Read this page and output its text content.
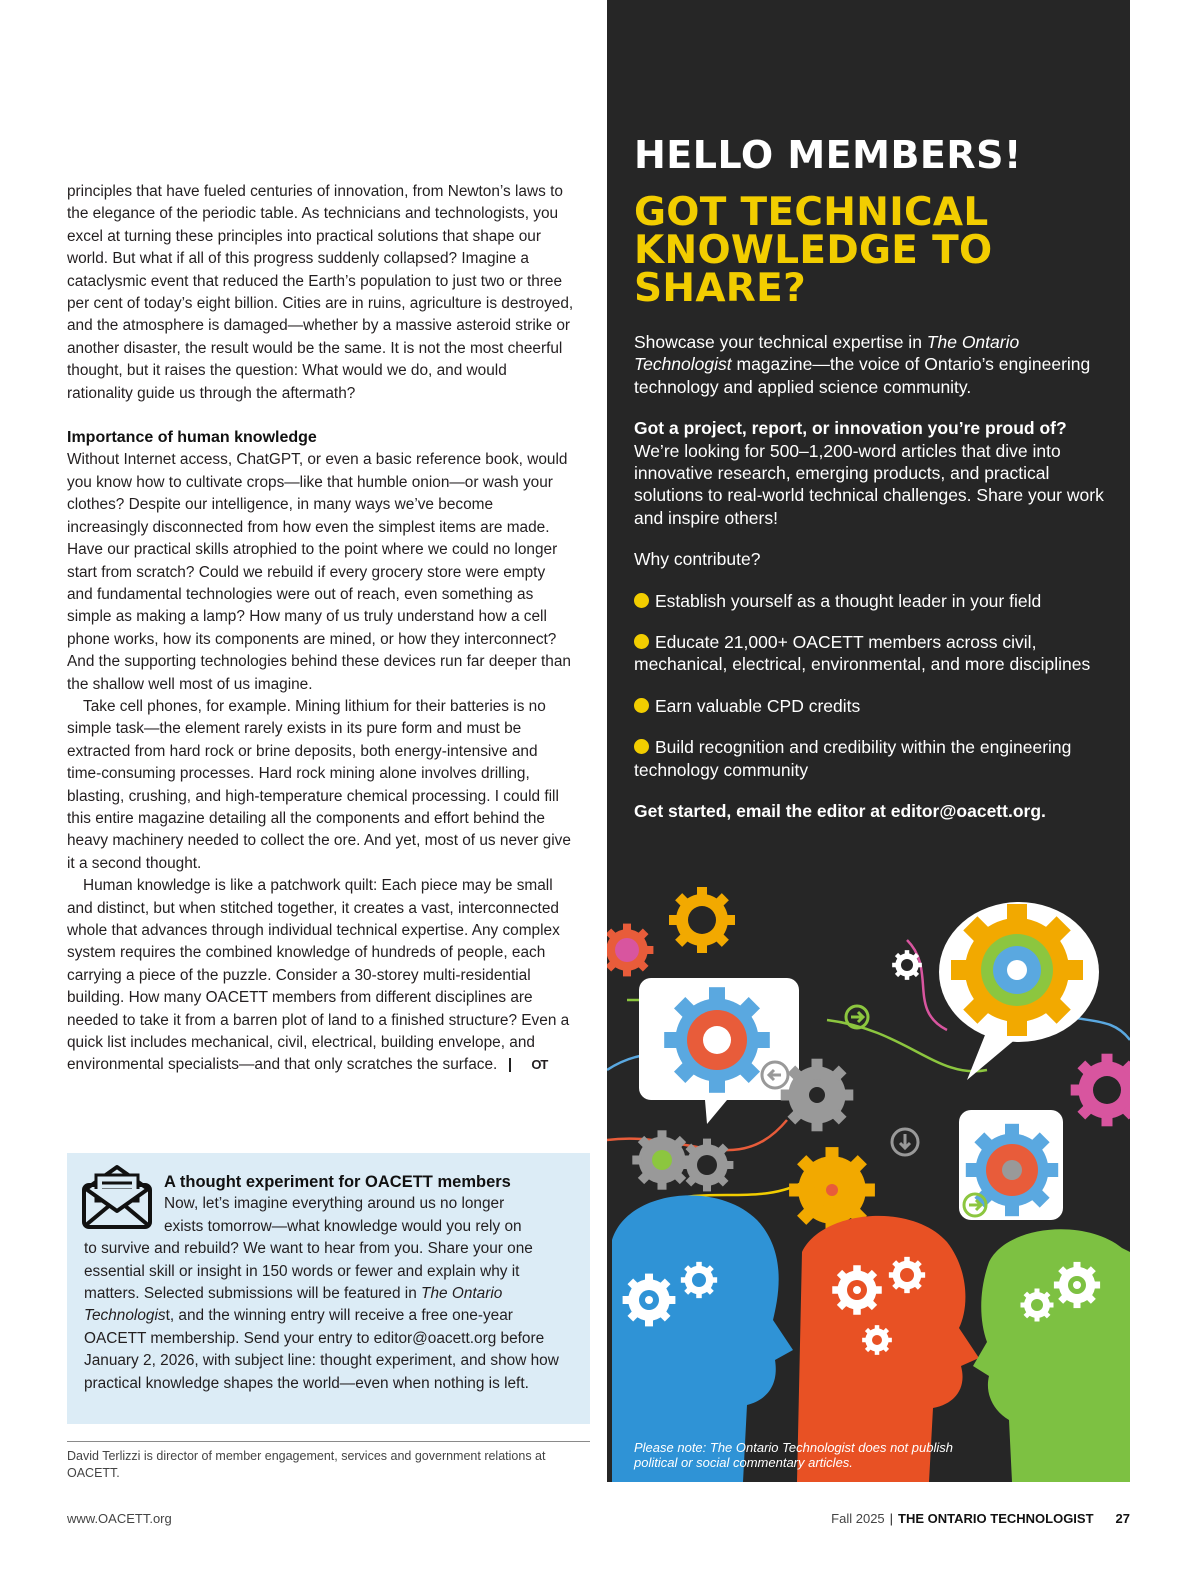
principles that have fueled centuries of innovation, from Newton’s laws to the elegance of the periodic table. As technicians and technologists, you excel at turning these principles into practical solutions that shape our world. But what if all of this progress suddenly collapsed? Imagine a cataclysmic event that reduced the Earth’s population to just two or three per cent of today’s eight billion. Cities are in ruins, agriculture is destroyed, and the atmosphere is damaged—whether by a massive asteroid strike or another disaster, the result would be the same. It is not the most cheerful thought, but it raises the question: What would we do, and would rationality guide us through the aftermath?

Importance of human knowledge

Without Internet access, ChatGPT, or even a basic reference book, would you know how to cultivate crops—like that humble onion—or wash your clothes? Despite our intelligence, in many ways we’ve become increasingly disconnected from how even the simplest items are made. Have our practical skills atrophied to the point where we could no longer start from scratch? Could we rebuild if every grocery store were empty and fundamental technologies were out of reach, even something as simple as making a lamp? How many of us truly understand how a cell phone works, how its components are mined, or how they interconnect? And the supporting technologies behind these devices run far deeper than the shallow well most of us imagine.

Take cell phones, for example. Mining lithium for their batteries is no simple task—the element rarely exists in its pure form and must be extracted from hard rock or brine deposits, both energy-intensive and time-consuming processes. Hard rock mining alone involves drilling, blasting, crushing, and high-temperature chemical processing. I could fill this entire magazine detailing all the components and effort behind the heavy machinery needed to collect the ore. And yet, most of us never give it a second thought.

Human knowledge is like a patchwork quilt: Each piece may be small and distinct, but when stitched together, it creates a vast, interconnected whole that advances through individual technical expertise. Any complex system requires the combined knowledge of hundreds of people, each carrying a piece of the puzzle. Consider a 30-storey multi-residential building. How many OACETT members from different disciplines are needed to take it from a barren plot of land to a finished structure? Even a quick list includes mechanical, civil, electrical, building envelope, and environmental specialists—and that only scratches the surface.	OT

A thought experiment for OACETT members
Now, let’s imagine everything around us no longer
exists tomorrow—what knowledge would you rely on
to survive and rebuild? We want to hear from you. Share your one essential skill or insight in 150 words or fewer and explain why it matters. Selected submissions will be featured in The Ontario Technologist, and the winning entry will receive a free one-year OACETT membership. Send your entry to editor@oacett.org before January 2, 2026, with subject line: thought experiment, and show how practical knowledge shapes the world—even when nothing is left.
David Terlizzi is director of member engagement, services and government relations at OACETT.
www.OACETT.org	Fall 2025 | THE ONTARIO TECHNOLOGIST 27
HELLO MEMBERS!
GOT TECHNICAL
KNOWLEDGE TO
SHARE?
Showcase your technical expertise in The Ontario Technologist magazine—the voice of Ontario’s engineering technology and applied science community.
Got a project, report, or innovation you’re proud of?
We’re looking for 500–1,200-word articles that dive into innovative research, emerging products, and practical solutions to real-world technical challenges. Share your work and inspire others!
Why contribute?
Establish yourself as a thought leader in your field
Educate 21,000+ OACETT members across civil, mechanical, electrical, environmental, and more disciplines
Earn valuable CPD credits
Build recognition and credibility within the engineering technology community
Get started, email the editor at editor@oacett.org.
Please note: The Ontario Technologist does not publish political or social commentary articles.
